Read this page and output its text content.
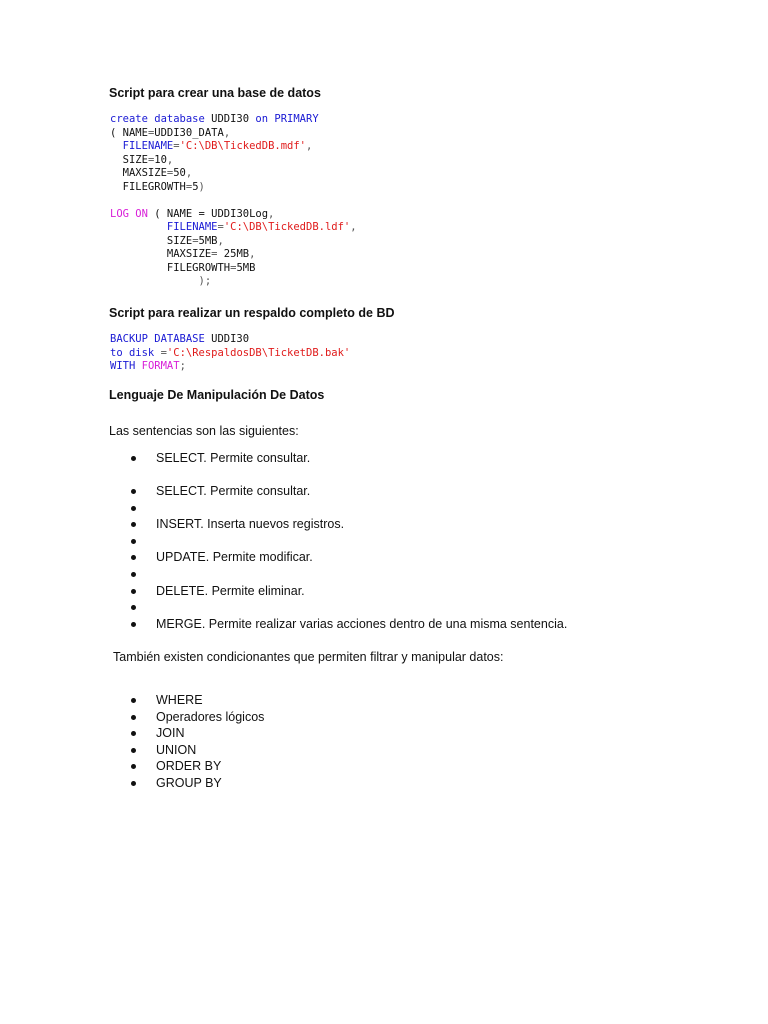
Script para crear una base de datos
create database UDDI30 on PRIMARY
( NAME=UDDI30_DATA,
FILENAME='C:\DB\TickedDB.mdf',
SIZE=10,
MAXSIZE=50,
FILEGROWTH=5)

LOG ON ( NAME = UDDI30Log,
FILENAME='C:\DB\TickedDB.ldf',
SIZE=5MB,
MAXSIZE= 25MB,
FILEGROWTH=5MB
);
Script para realizar un respaldo completo de BD
BACKUP DATABASE UDDI30
to disk ='C:\RespaldosDB\TicketDB.bak'
WITH FORMAT;
Lenguaje De Manipulación De Datos
Las sentencias son las siguientes:
SELECT. Permite consultar.
SELECT. Permite consultar.
INSERT. Inserta nuevos registros.
UPDATE. Permite modificar.
DELETE. Permite eliminar.
MERGE. Permite realizar varias acciones dentro de una misma sentencia.
También existen condicionantes que permiten filtrar y manipular datos:
WHERE
Operadores lógicos
JOIN
UNION
ORDER BY
GROUP BY
